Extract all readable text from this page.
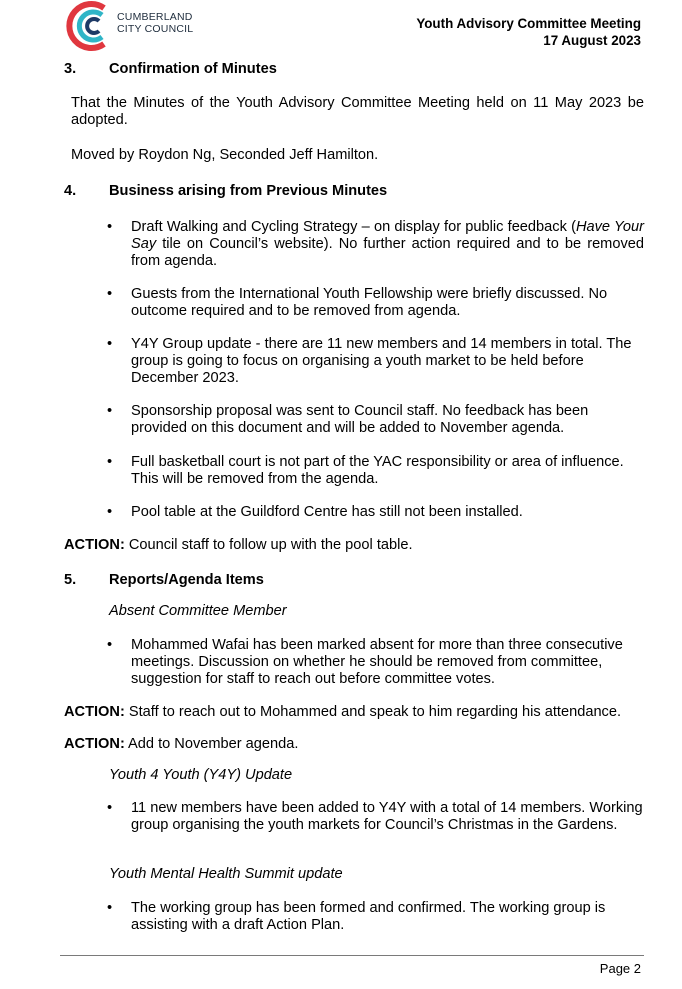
CUMBERLAND
CITY COUNCIL	Youth Advisory Committee Meeting
17 August 2023
3. Confirmation of Minutes
That the Minutes of the Youth Advisory Committee Meeting held on 11 May 2023 be adopted.
Moved by Roydon Ng, Seconded Jeff Hamilton.
4. Business arising from Previous Minutes
• Draft Walking and Cycling Strategy – on display for public feedback (Have Your Say tile on Council’s website). No further action required and to be removed from agenda.
• Guests from the International Youth Fellowship were briefly discussed. No outcome required and to be removed from agenda.
• Y4Y Group update - there are 11 new members and 14 members in total. The group is going to focus on organising a youth market to be held before December 2023.
• Sponsorship proposal was sent to Council staff. No feedback has been provided on this document and will be added to November agenda.
• Full basketball court is not part of the YAC responsibility or area of influence. This will be removed from the agenda.
• Pool table at the Guildford Centre has still not been installed.
ACTION: Council staff to follow up with the pool table.
5. Reports/Agenda Items
Absent Committee Member
• Mohammed Wafai has been marked absent for more than three consecutive meetings. Discussion on whether he should be removed from committee, suggestion for staff to reach out before committee votes.
ACTION: Staff to reach out to Mohammed and speak to him regarding his attendance.
ACTION: Add to November agenda.
Youth 4 Youth (Y4Y) Update
• 11 new members have been added to Y4Y with a total of 14 members. Working group organising the youth markets for Council’s Christmas in the Gardens.
Youth Mental Health Summit update
• The working group has been formed and confirmed. The working group is assisting with a draft Action Plan.
Page 2
